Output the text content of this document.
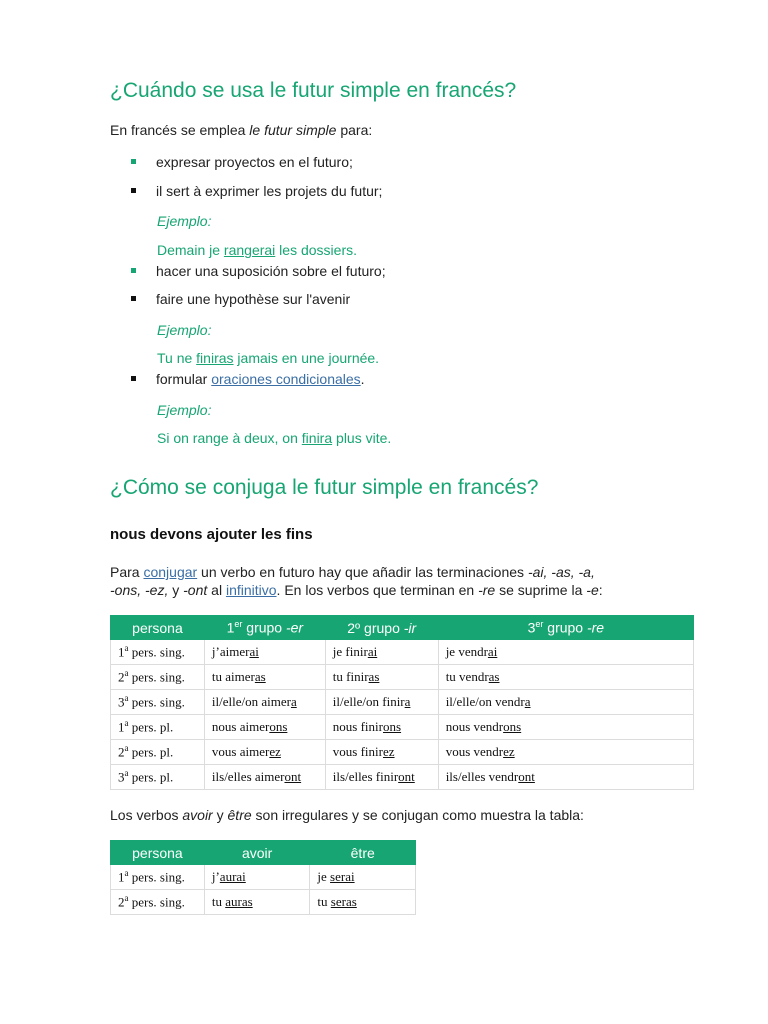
¿Cuándo se usa le futur simple en francés?

En francés se emplea le futur simple para:

expresar proyectos en el futuro;
il sert à exprimer les projets du futur;
Ejemplo:
Demain je rangerai les dossiers.
hacer una suposición sobre el futuro;
faire une hypothèse sur l'avenir
Ejemplo:
Tu ne finiras jamais en une journée.
formular oraciones condicionales.
Ejemplo:
Si on range à deux, on finira plus vite.
¿Cómo se conjuga le futur simple en francés?
nous devons ajouter les fins

Para conjugar un verbo en futuro hay que añadir las terminaciones -ai, -as, -a,

-ons, -ez, y -ont al infinitivo. En los verbos que terminan en -re se suprime la -e:

persona	1er grupo -er	2º grupo -ir	3er grupo -re
1$^a$ pers. sing.	j’aimerai	je finirai	je vendrai
2$^a$ pers. sing.	tu aimeras	tu finiras	tu vendras
3$^a$ pers. sing.	il/elle/on aimera	il/elle/on finira	il/elle/on vendra
1$^a$ pers. pl.	nous aimerons	nous finirons	nous vendrons
2$^a$ pers. pl.	vous aimerez	vous finirez	vous vendrez
3$^a$ pers. pl.	ils/elles aimeront	ils/elles finiront	ils/elles vendront

Los verbos avoir y être son irregulares y se conjugan como muestra la tabla:

persona	avoir	être
1$^a$ pers. sing.	j’aurai	je serai
2$^a$ pers. sing.	tu auras	tu seras
